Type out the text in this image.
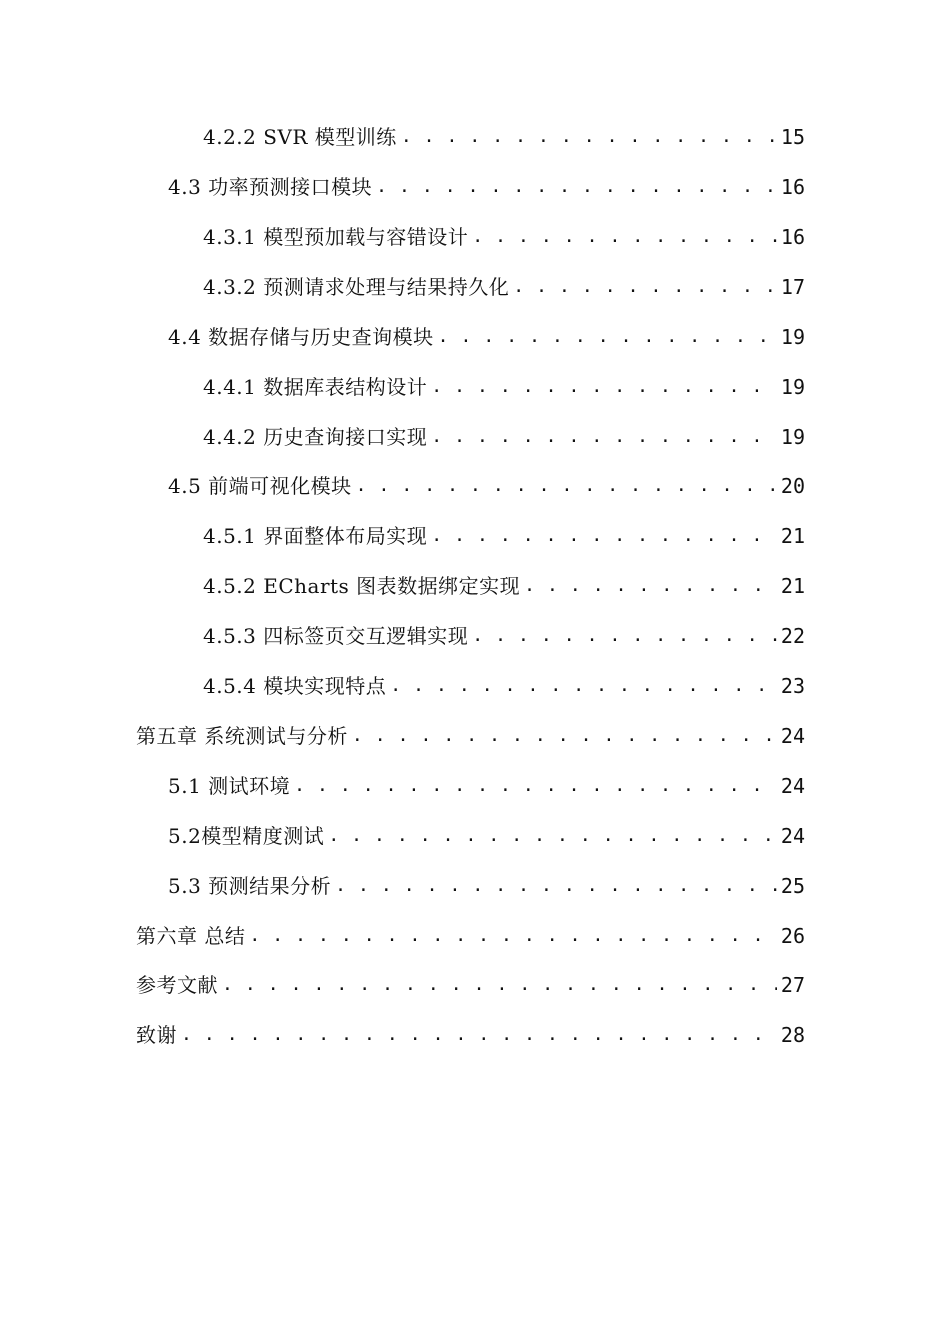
4.2.2 SVR 模型训练 . . .	15
4.3 功率预测接口模块 . . .	16
4.3.1 模型预加载与容错设计 . . .	16
4.3.2 预测请求处理与结果持久化 . . .	17
4.4 数据存储与历史查询模块 . . .	19
4.4.1 数据库表结构设计 . . .	19
4.4.2 历史查询接口实现 . . .	19
4.5 前端可视化模块 . . .	20
4.5.1 界面整体布局实现 . . .	21
4.5.2 ECharts 图表数据绑定实现 . . .	21
4.5.3 四标签页交互逻辑实现 . . .	22
4.5.4 模块实现特点 . . .	23
第五章 系统测试与分析 . . .	24
5.1 测试环境 . . .	24
5.2模型精度测试 . . .	24
5.3 预测结果分析 . . .	25
第六章 总结 . . .	26
参考文献 . . .	27
致谢 . . .	28
